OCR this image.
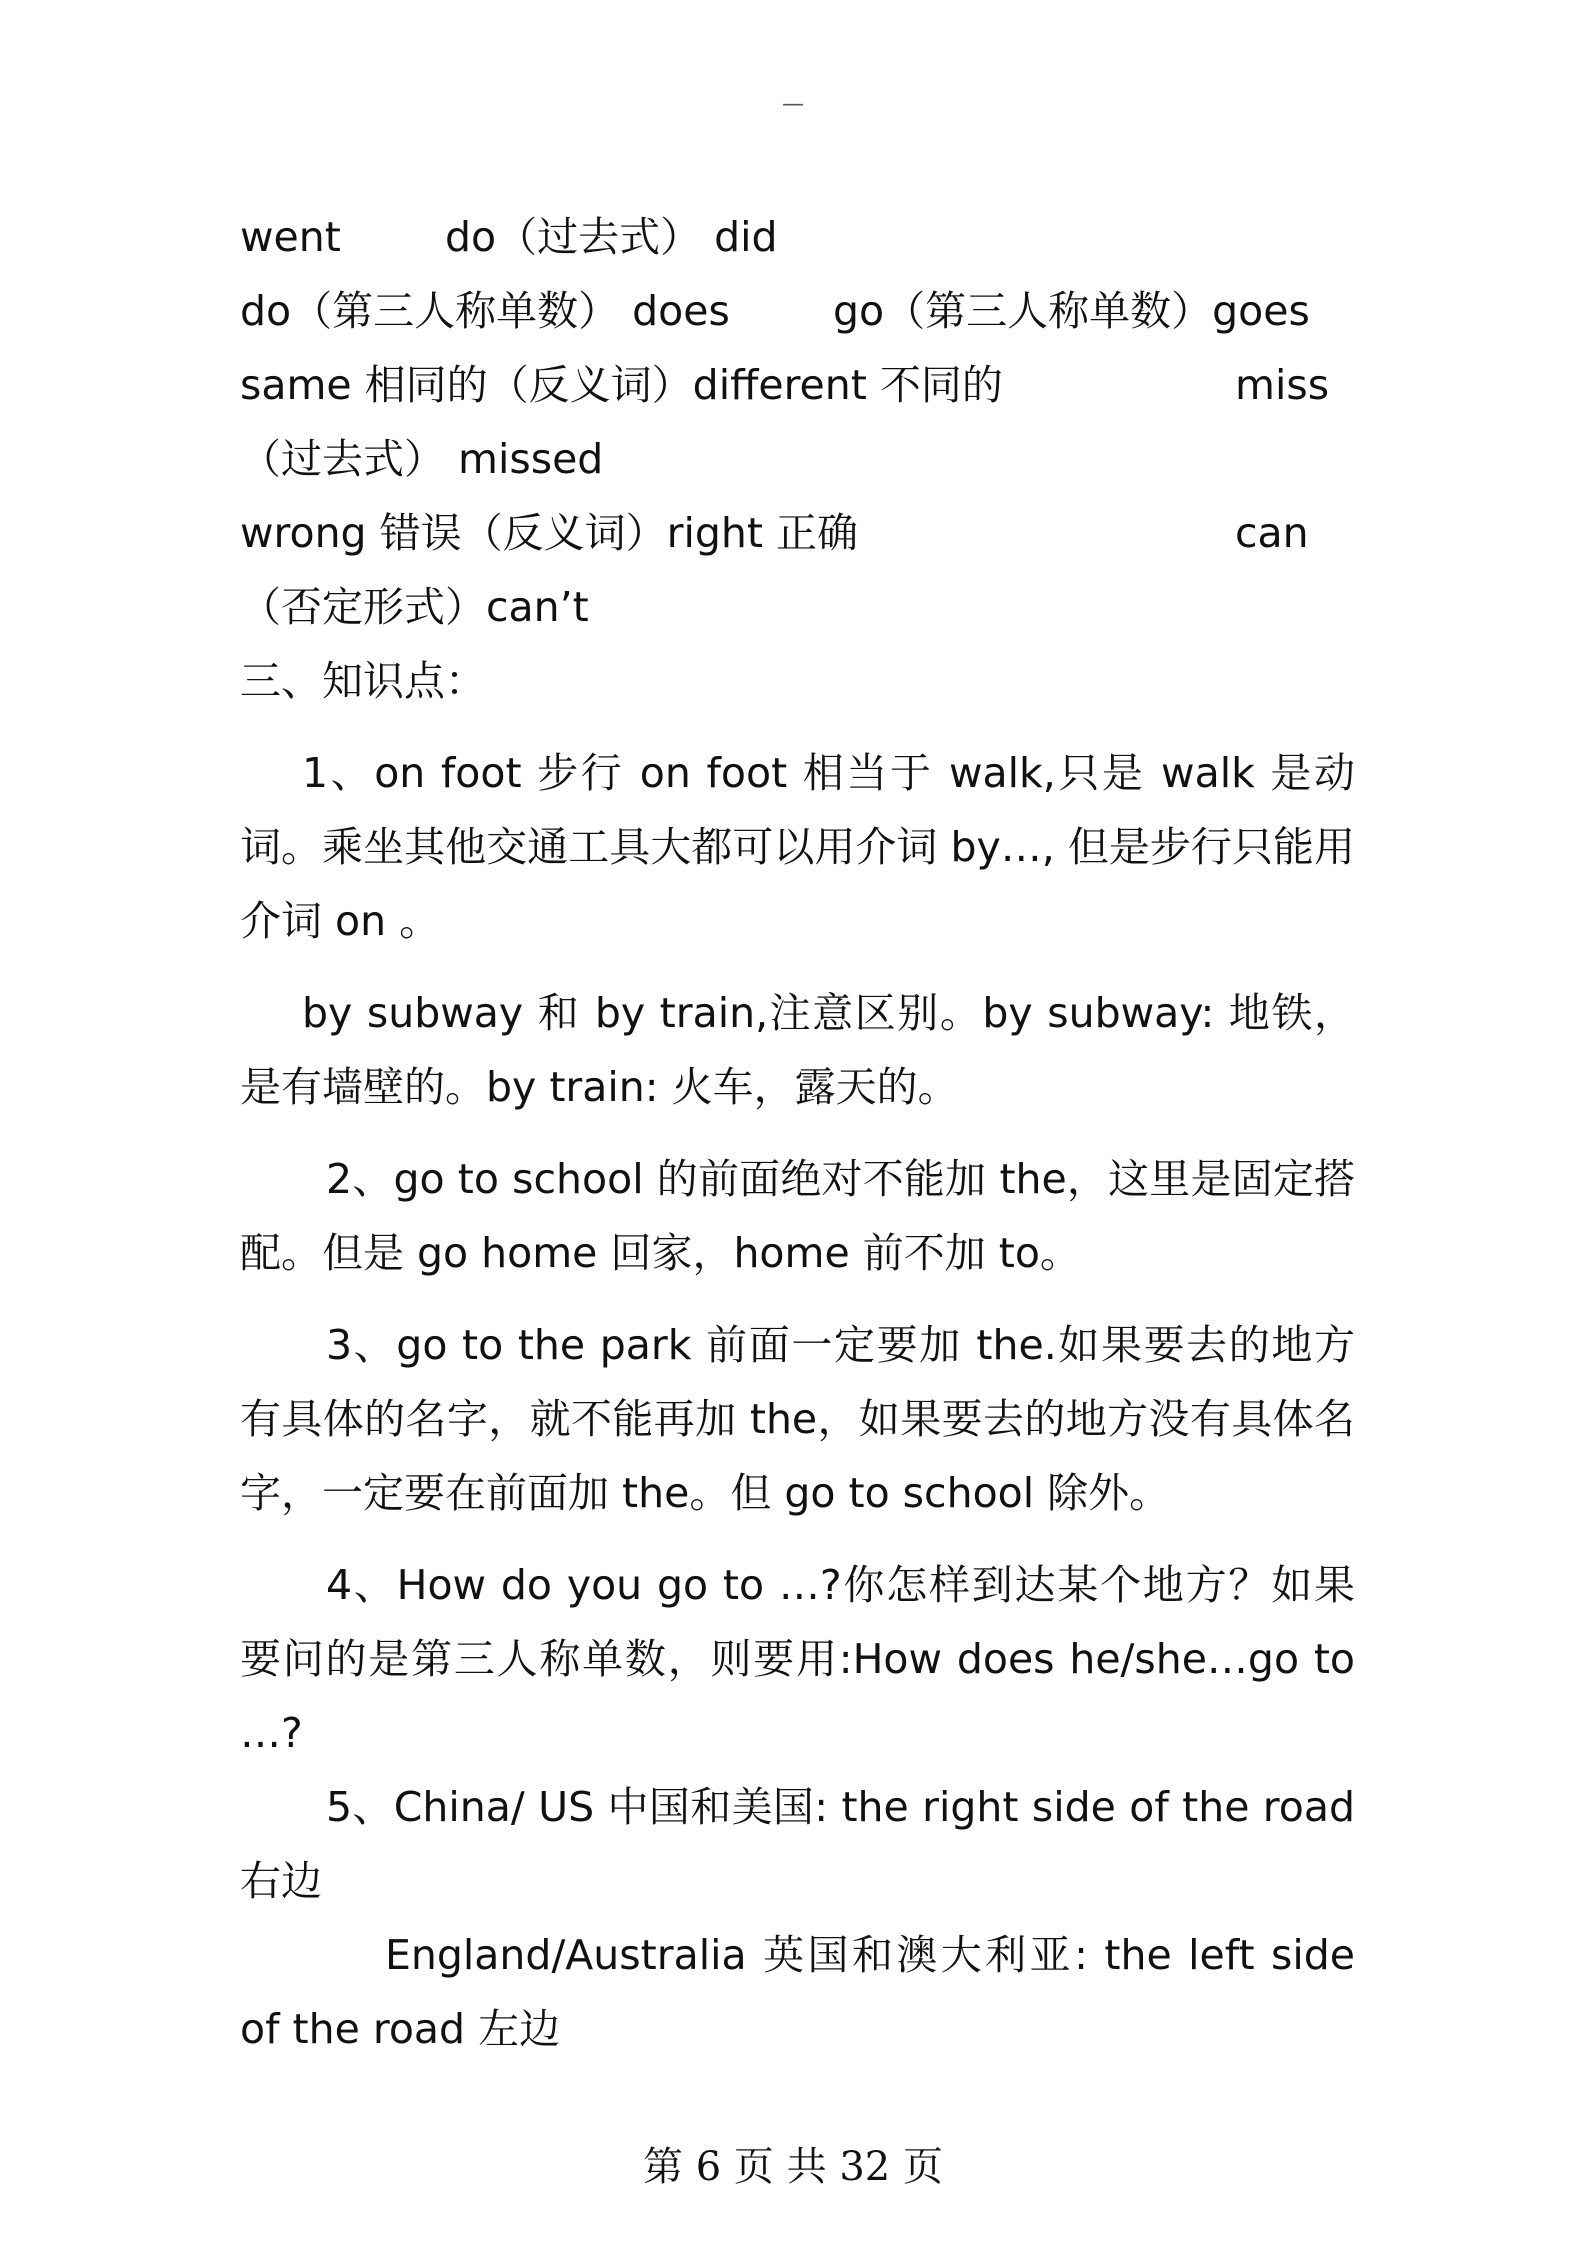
—
went	do（过去式） did
do（第三人称单数） does	go（第三人称单数）goes
same 相同的（反义词）different 不同的	miss
（过去式） missed
wrong 错误（反义词）right 正确	can
（否定形式）can’t
三、知识点：

1、on foot 步行 on foot 相当于 walk,只是 walk 是动词。乘坐其他交通工具大都可以用介词 by…, 但是步行只能用介词 on 。

by subway 和 by train,注意区别。by subway: 地铁，是有墙壁的。by train: 火车，露天的。

2、go to school 的前面绝对不能加 the，这里是固定搭配。但是 go home 回家，home 前不加 to。

3、go to the park 前面一定要加 the.如果要去的地方有具体的名字，就不能再加 the，如果要去的地方没有具体名字，一定要在前面加 the。但 go to school 除外。

4、How do you go to …?你怎样到达某个地方？如果要问的是第三人称单数，则要用:How does he/she…go to …?

5、China/ US 中国和美国: the right side of the road 右边

England/Australia 英国和澳大利亚: the left side of the road 左边

第 6 页 共 32 页
